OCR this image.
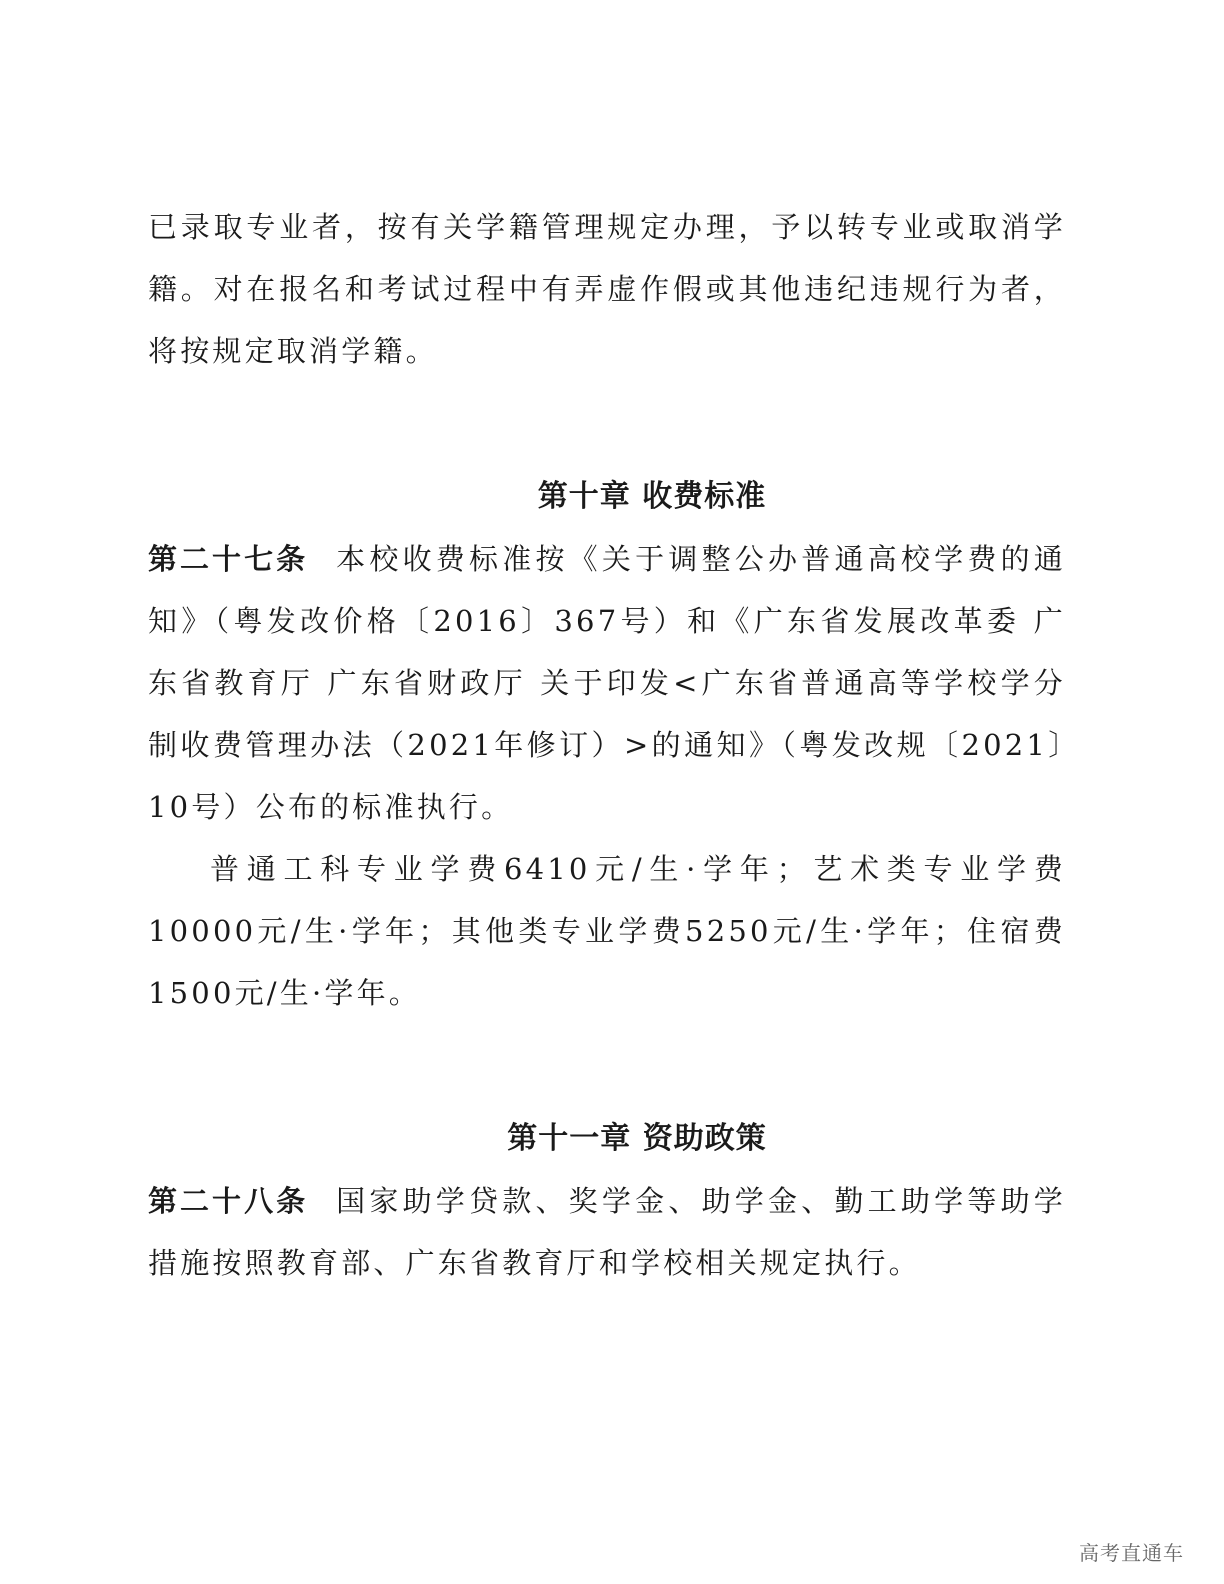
已录取专业者，按有关学籍管理规定办理，予以转专业或取消学籍。对在报名和考试过程中有弄虚作假或其他违纪违规行为者，将按规定取消学籍。

第十章 收费标准

第二十七条 本校收费标准按《关于调整公办普通高校学费的通知》（粤发改价格〔2016〕367号）和《广东省发展改革委 广东省教育厅 广东省财政厅 关于印发<广东省普通高等学校学分制收费管理办法（2021年修订）>的通知》（粤发改规〔2021〕10号）公布的标准执行。

普通工科专业学费6410元/生·学年；艺术类专业学费 10000元/生·学年；其他类专业学费5250元/生·学年；住宿费1500元/生·学年。

第十一章 资助政策

第二十八条 国家助学贷款、奖学金、助学金、勤工助学等助学措施按照教育部、广东省教育厅和学校相关规定执行。

高考直通车
